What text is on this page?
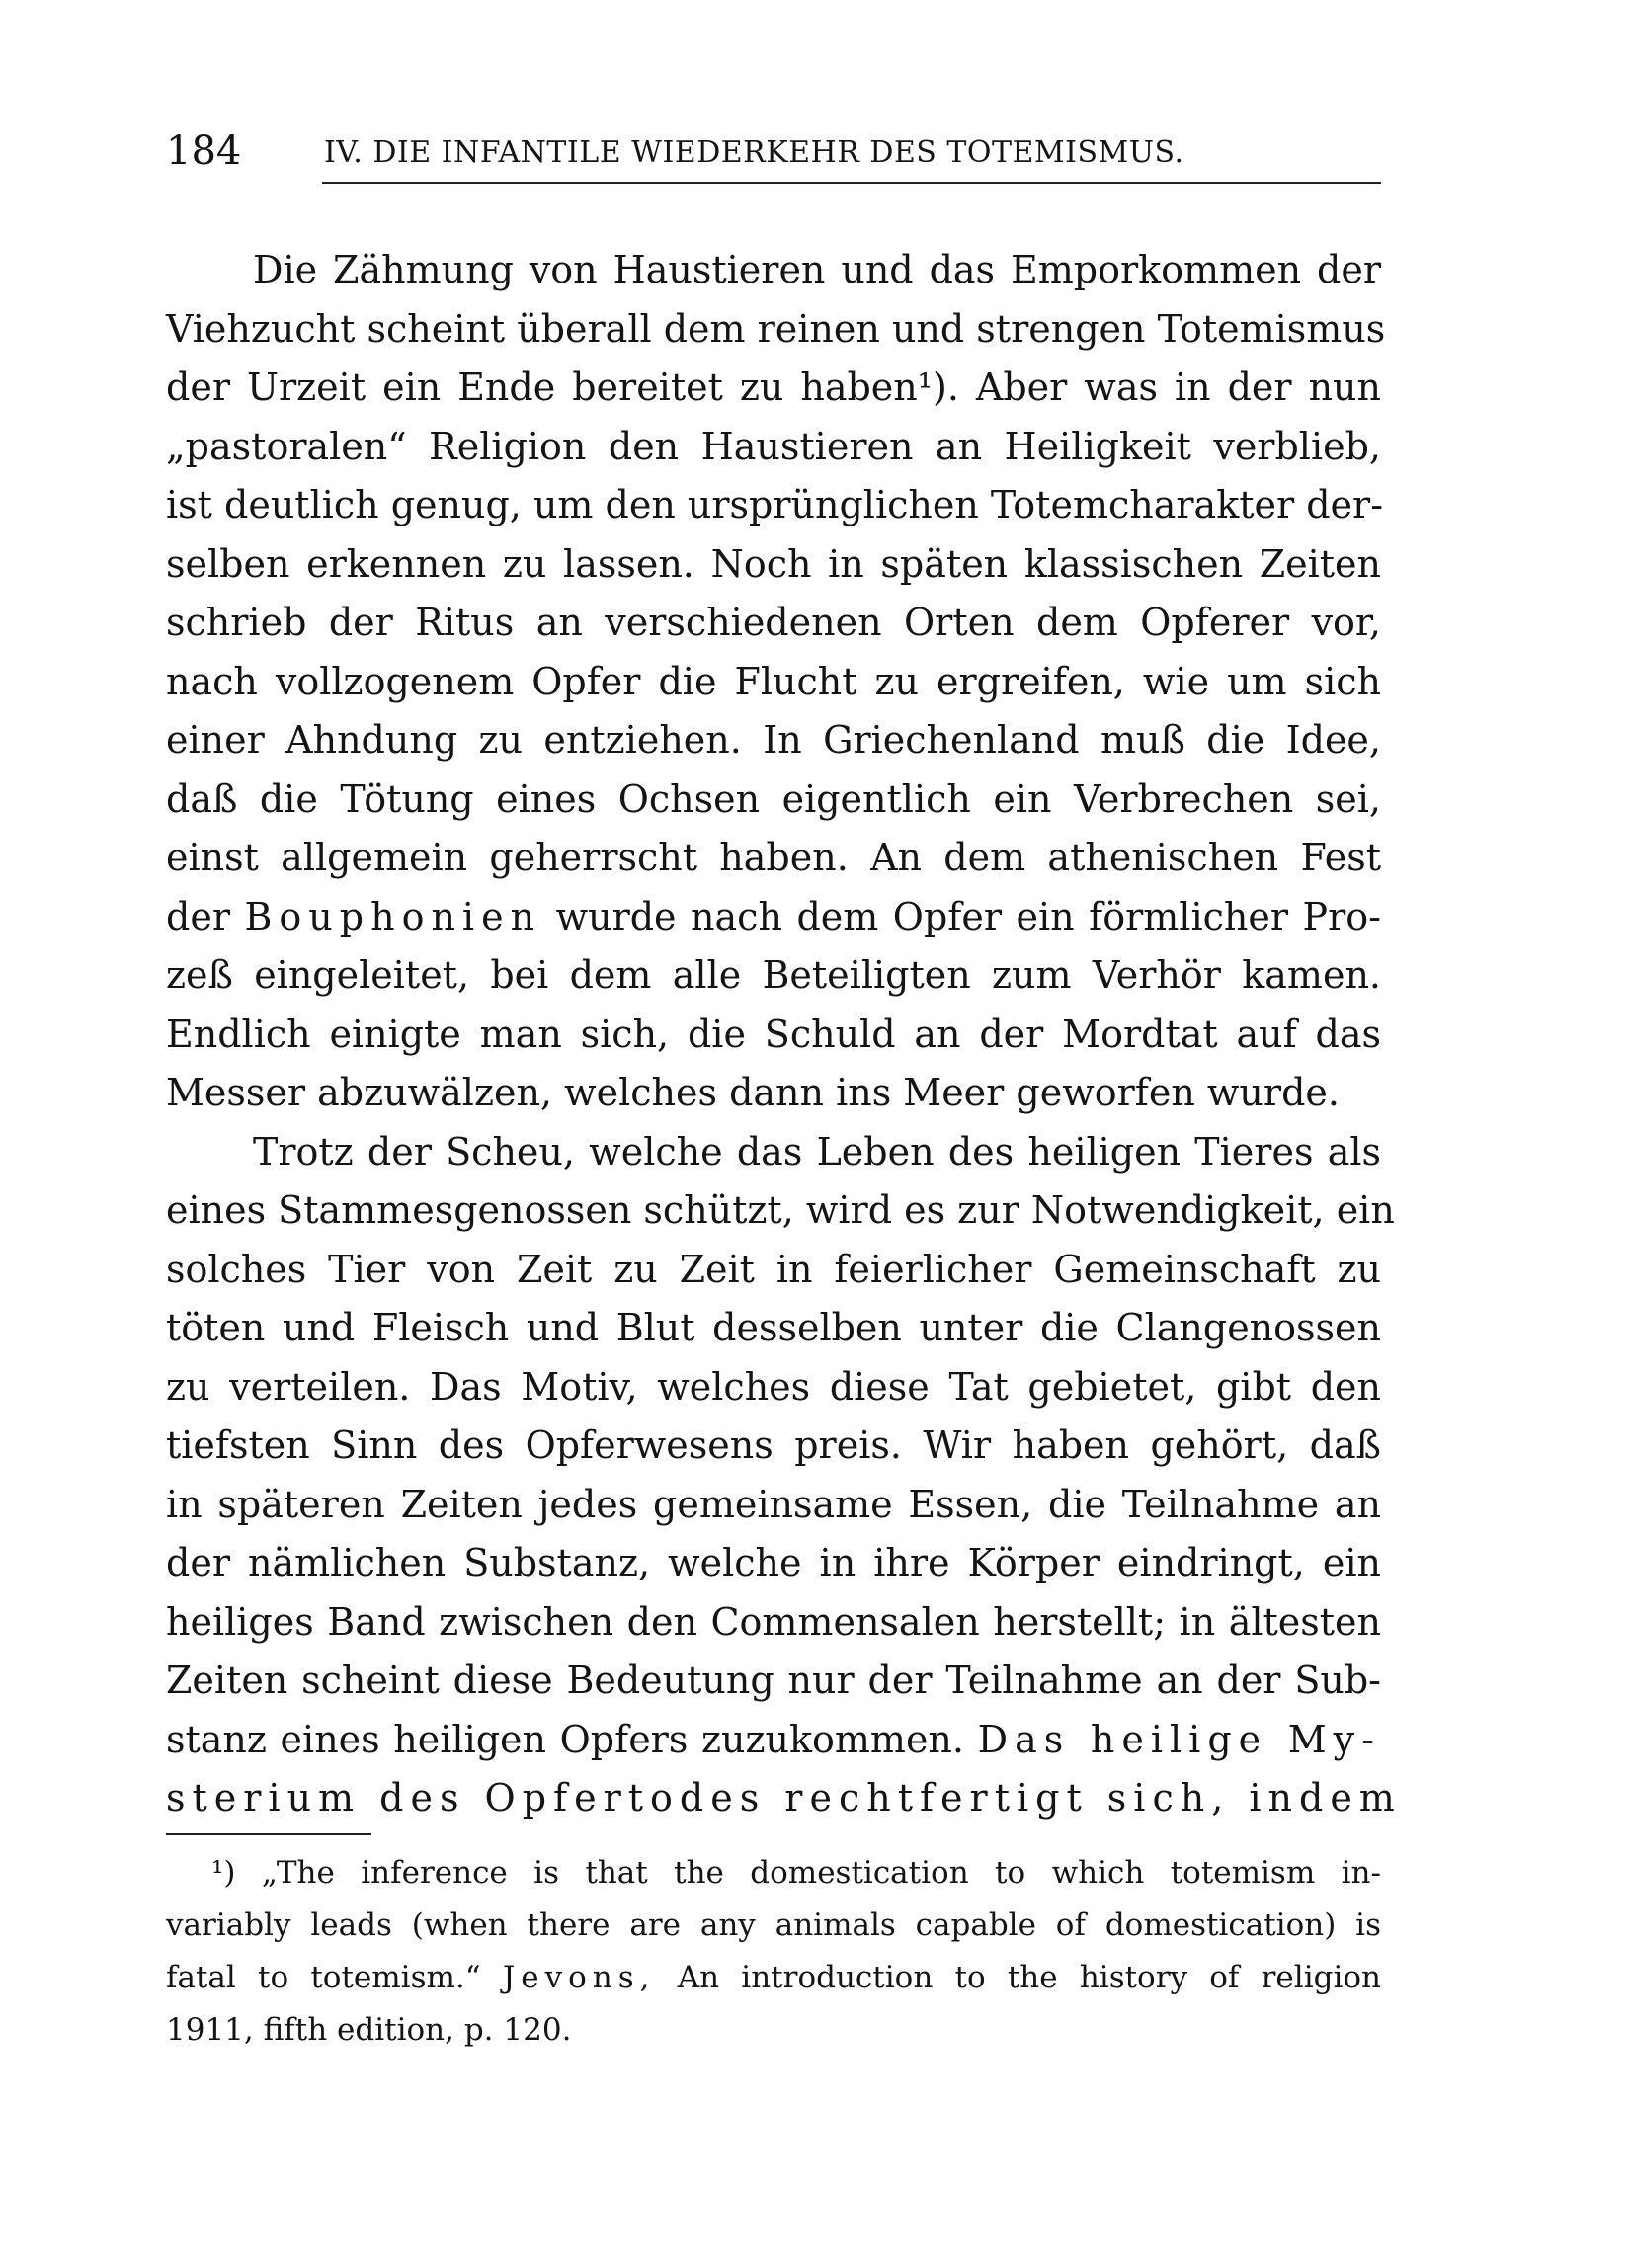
184	IV. DIE INFANTILE WIEDERKEHR DES TOTEMISMUS.
Die Zähmung von Haustieren und das Emporkommen der
Viehzucht scheint überall dem reinen und strengen Totemismus
der Urzeit ein Ende bereitet zu haben¹). Aber was in der nun
„pastoralen“ Religion den Haustieren an Heiligkeit verblieb,
ist deutlich genug, um den ursprünglichen Totemcharakter der-
selben erkennen zu lassen. Noch in späten klassischen Zeiten
schrieb der Ritus an verschiedenen Orten dem Opferer vor,
nach vollzogenem Opfer die Flucht zu ergreifen, wie um sich
einer Ahndung zu entziehen. In Griechenland muß die Idee,
daß die Tötung eines Ochsen eigentlich ein Verbrechen sei,
einst allgemein geherrscht haben. An dem athenischen Fest
der Bouphonien wurde nach dem Opfer ein förmlicher Pro-
zeß eingeleitet, bei dem alle Beteiligten zum Verhör kamen.
Endlich einigte man sich, die Schuld an der Mordtat auf das
Messer abzuwälzen, welches dann ins Meer geworfen wurde.
Trotz der Scheu, welche das Leben des heiligen Tieres als
eines Stammesgenossen schützt, wird es zur Notwendigkeit, ein
solches Tier von Zeit zu Zeit in feierlicher Gemeinschaft zu
töten und Fleisch und Blut desselben unter die Clangenossen
zu verteilen. Das Motiv, welches diese Tat gebietet, gibt den
tiefsten Sinn des Opferwesens preis. Wir haben gehört, daß
in späteren Zeiten jedes gemeinsame Essen, die Teilnahme an
der nämlichen Substanz, welche in ihre Körper eindringt, ein
heiliges Band zwischen den Commensalen herstellt; in ältesten
Zeiten scheint diese Bedeutung nur der Teilnahme an der Sub-
stanz eines heiligen Opfers zuzukommen. Das heilige My-
sterium des Opfertodes rechtfertigt sich, indem
¹) „The inference is that the domestication to which totemism in-
variably leads (when there are any animals capable of domestication) is
fatal to totemism.“ Jevons, An introduction to the history of religion
1911, fifth edition, p. 120.
